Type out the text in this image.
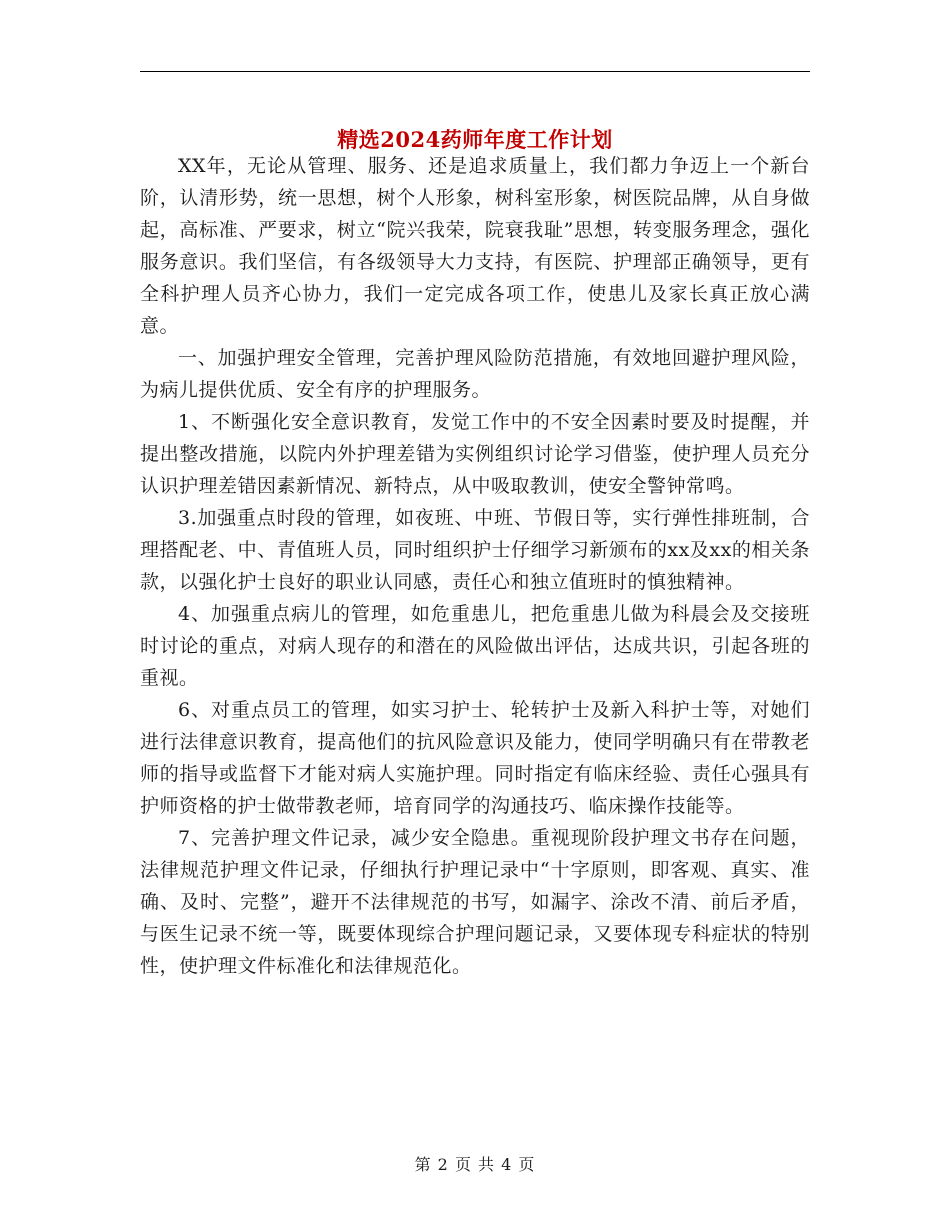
精选2024药师年度工作计划

XX年，无论从管理、服务、还是追求质量上，我们都力争迈上一个新台阶，认清形势，统一思想，树个人形象，树科室形象，树医院品牌，从自身做起，高标准、严要求，树立“院兴我荣，院衰我耻”思想，转变服务理念，强化服务意识。我们坚信，有各级领导大力支持，有医院、护理部正确领导，更有全科护理人员齐心协力，我们一定完成各项工作，使患儿及家长真正放心满意。

一、加强护理安全管理，完善护理风险防范措施，有效地回避护理风险，为病儿提供优质、安全有序的护理服务。

1、不断强化安全意识教育，发觉工作中的不安全因素时要及时提醒，并提出整改措施，以院内外护理差错为实例组织讨论学习借鉴，使护理人员充分认识护理差错因素新情况、新特点，从中吸取教训，使安全警钟常鸣。

3.加强重点时段的管理，如夜班、中班、节假日等，实行弹性排班制，合理搭配老、中、青值班人员，同时组织护士仔细学习新颁布的xx及xx的相关条款，以强化护士良好的职业认同感，责任心和独立值班时的慎独精神。

4、加强重点病儿的管理，如危重患儿，把危重患儿做为科晨会及交接班时讨论的重点，对病人现存的和潜在的风险做出评估，达成共识，引起各班的重视。

6、对重点员工的管理，如实习护士、轮转护士及新入科护士等，对她们进行法律意识教育，提高他们的抗风险意识及能力，使同学明确只有在带教老师的指导或监督下才能对病人实施护理。同时指定有临床经验、责任心强具有护师资格的护士做带教老师，培育同学的沟通技巧、临床操作技能等。

7、完善护理文件记录，减少安全隐患。重视现阶段护理文书存在问题，法律规范护理文件记录，仔细执行护理记录中“十字原则，即客观、真实、准确、及时、完整”，避开不法律规范的书写，如漏字、涂改不清、前后矛盾，与医生记录不统一等，既要体现综合护理问题记录，又要体现专科症状的特别性，使护理文件标准化和法律规范化。

第 2 页 共 4 页
